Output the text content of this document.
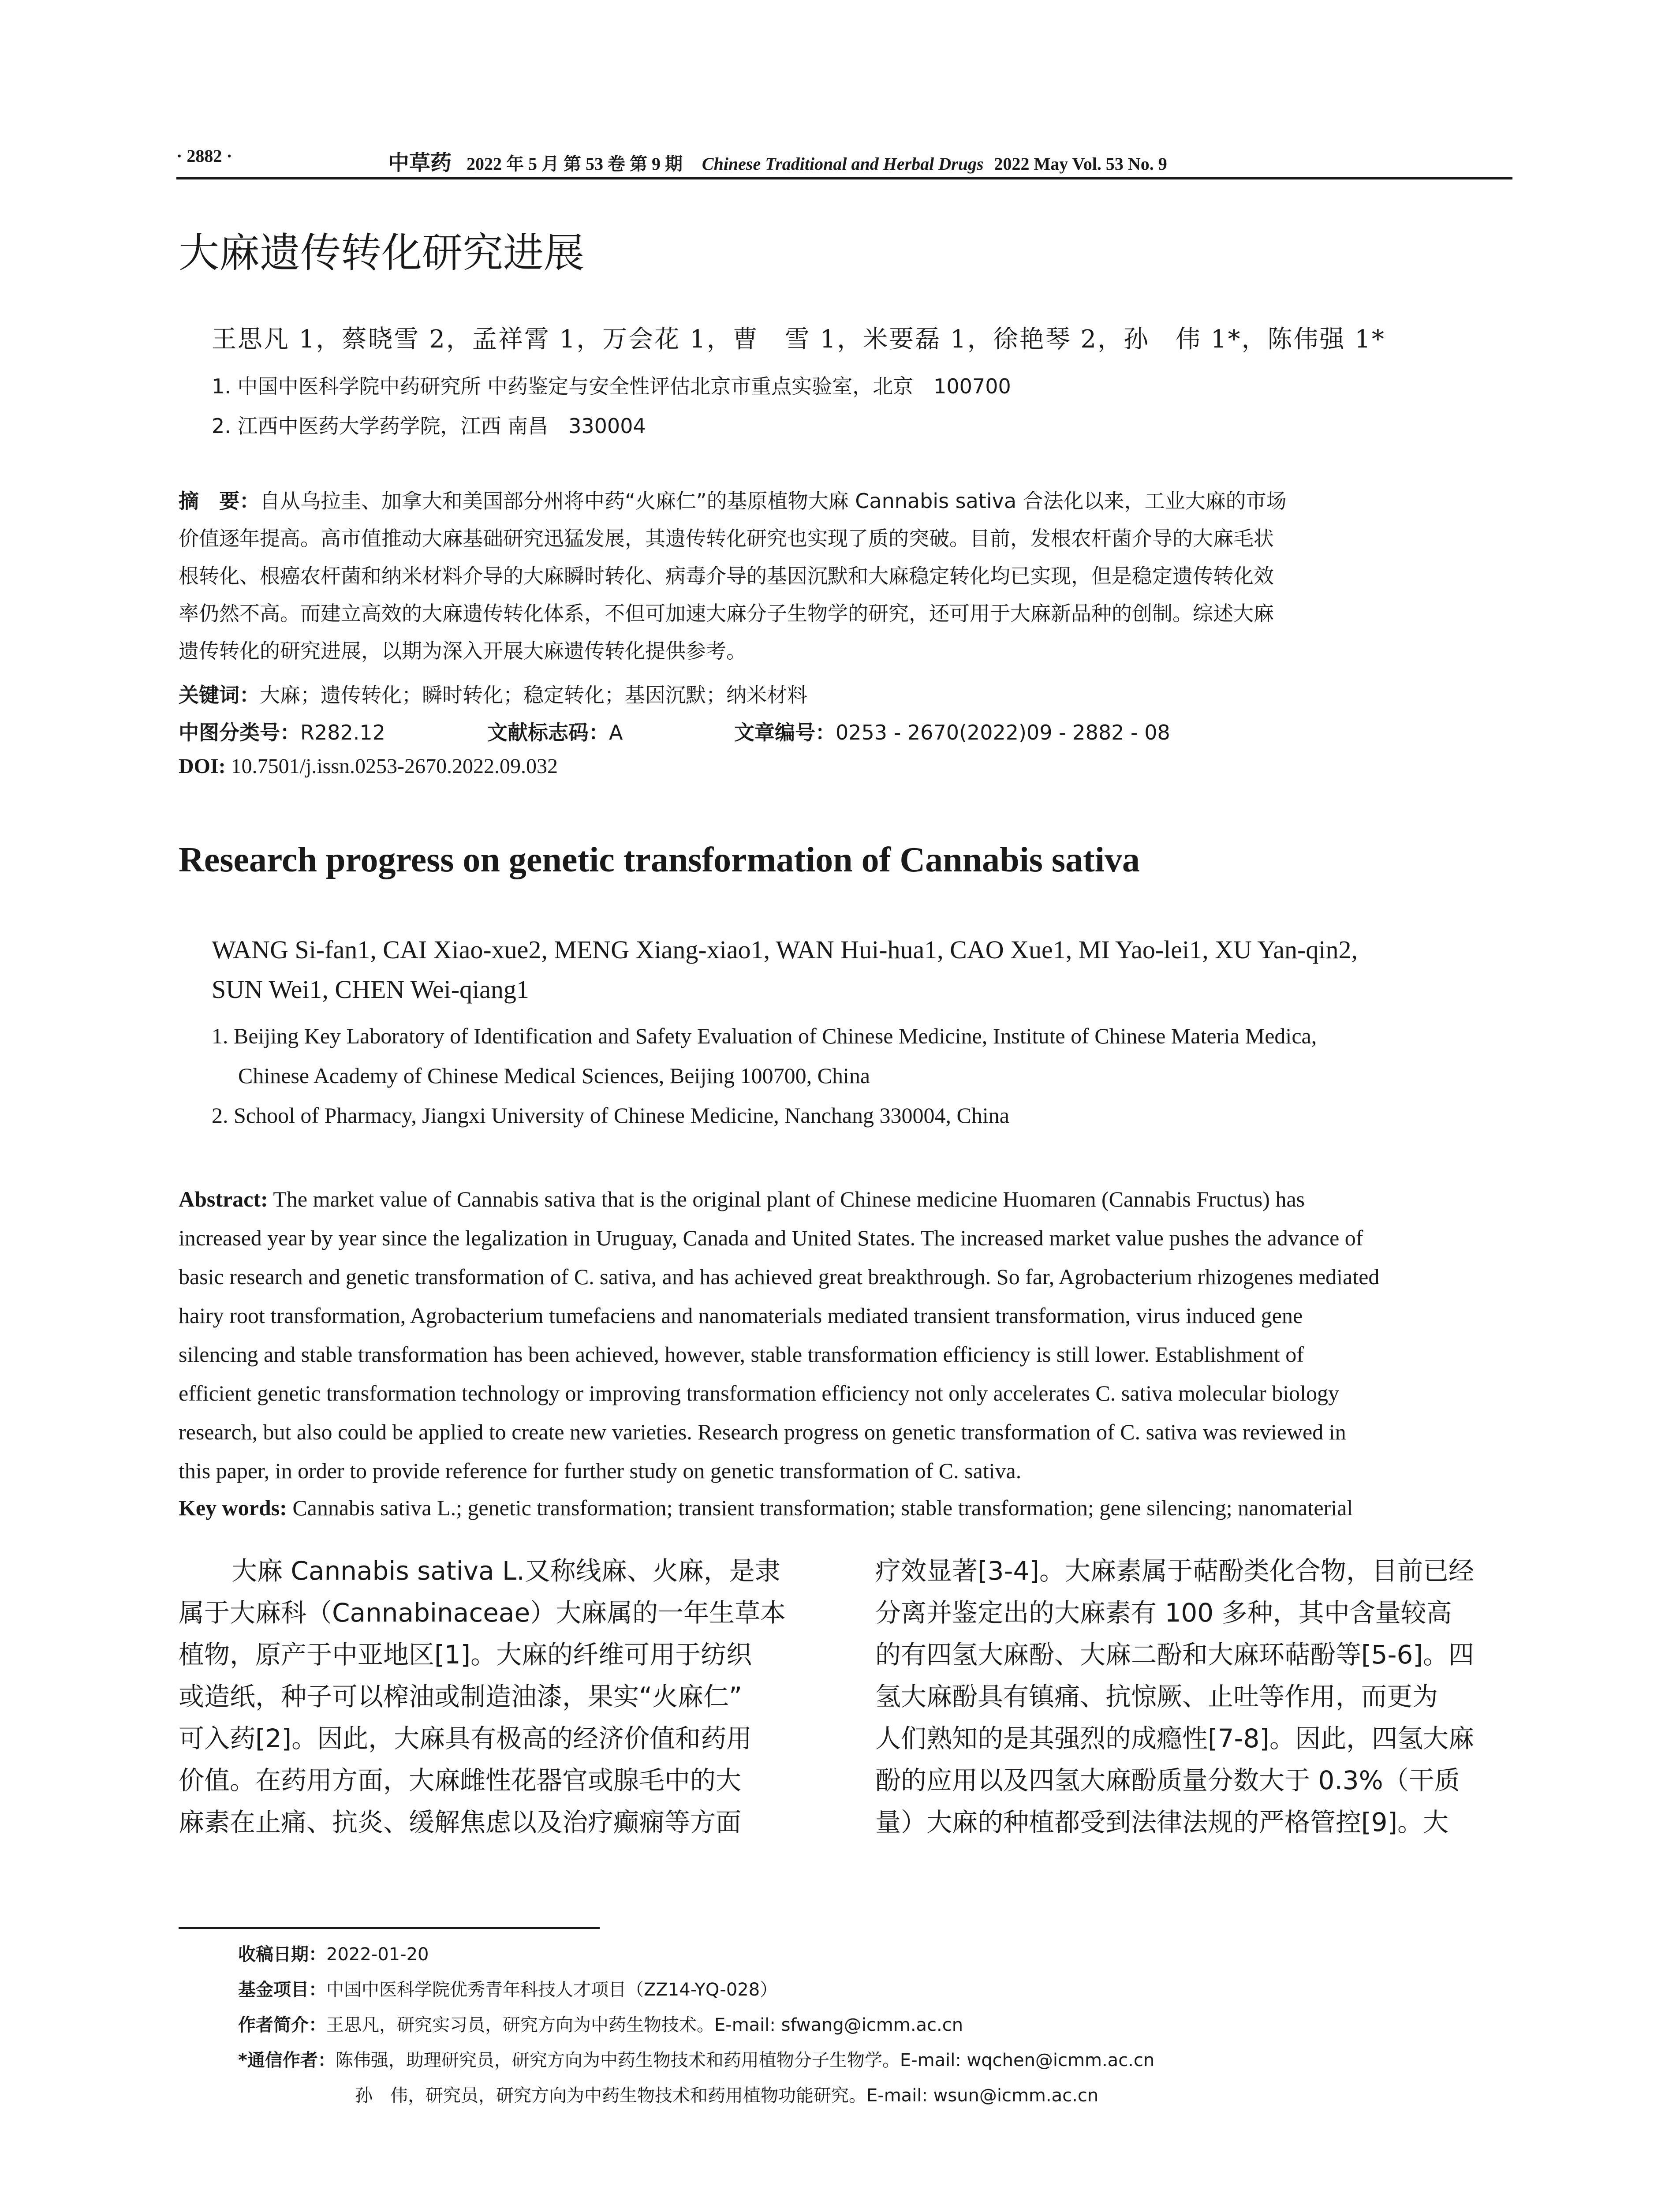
· 2882 ·	中草药 2022 年 5 月 第 53 卷 第 9 期 Chinese Traditional and Herbal Drugs 2022 May Vol. 53 No. 9
大麻遗传转化研究进展
王思凡 1，蔡晓雪 2，孟祥霄 1，万会花 1，曹　雪 1，米要磊 1，徐艳琴 2，孙　伟 1*，陈伟强 1*
1. 中国中医科学院中药研究所 中药鉴定与安全性评估北京市重点实验室，北京　100700
2. 江西中医药大学药学院，江西 南昌　330004
摘　要：自从乌拉圭、加拿大和美国部分州将中药“火麻仁”的基原植物大麻 Cannabis sativa 合法化以来，工业大麻的市场
价值逐年提高。高市值推动大麻基础研究迅猛发展，其遗传转化研究也实现了质的突破。目前，发根农杆菌介导的大麻毛状
根转化、根癌农杆菌和纳米材料介导的大麻瞬时转化、病毒介导的基因沉默和大麻稳定转化均已实现，但是稳定遗传转化效
率仍然不高。而建立高效的大麻遗传转化体系，不但可加速大麻分子生物学的研究，还可用于大麻新品种的创制。综述大麻
遗传转化的研究进展，以期为深入开展大麻遗传转化提供参考。
关键词：大麻；遗传转化；瞬时转化；稳定转化；基因沉默；纳米材料
中图分类号：R282.12	文献标志码：A	文章编号：0253 - 2670(2022)09 - 2882 - 08
DOI: 10.7501/j.issn.0253-2670.2022.09.032
Research progress on genetic transformation of Cannabis sativa
WANG Si-fan1, CAI Xiao-xue2, MENG Xiang-xiao1, WAN Hui-hua1, CAO Xue1, MI Yao-lei1, XU Yan-qin2,
SUN Wei1, CHEN Wei-qiang1
1. Beijing Key Laboratory of Identification and Safety Evaluation of Chinese Medicine, Institute of Chinese Materia Medica,
Chinese Academy of Chinese Medical Sciences, Beijing 100700, China
2. School of Pharmacy, Jiangxi University of Chinese Medicine, Nanchang 330004, China
Abstract: The market value of Cannabis sativa that is the original plant of Chinese medicine Huomaren (Cannabis Fructus) has
increased year by year since the legalization in Uruguay, Canada and United States. The increased market value pushes the advance of
basic research and genetic transformation of C. sativa, and has achieved great breakthrough. So far, Agrobacterium rhizogenes mediated
hairy root transformation, Agrobacterium tumefaciens and nanomaterials mediated transient transformation, virus induced gene
silencing and stable transformation has been achieved, however, stable transformation efficiency is still lower. Establishment of
efficient genetic transformation technology or improving transformation efficiency not only accelerates C. sativa molecular biology
research, but also could be applied to create new varieties. Research progress on genetic transformation of C. sativa was reviewed in
this paper, in order to provide reference for further study on genetic transformation of C. sativa.
Key words: Cannabis sativa L.; genetic transformation; transient transformation; stable transformation; gene silencing; nanomaterial
大麻 Cannabis sativa L.又称线麻、火麻，是隶
属于大麻科（Cannabinaceae）大麻属的一年生草本
植物，原产于中亚地区[1]。大麻的纤维可用于纺织
或造纸，种子可以榨油或制造油漆，果实“火麻仁”
可入药[2]。因此，大麻具有极高的经济价值和药用
价值。在药用方面，大麻雌性花器官或腺毛中的大
麻素在止痛、抗炎、缓解焦虑以及治疗癫痫等方面
疗效显著[3-4]。大麻素属于萜酚类化合物，目前已经
分离并鉴定出的大麻素有 100 多种，其中含量较高
的有四氢大麻酚、大麻二酚和大麻环萜酚等[5-6]。四
氢大麻酚具有镇痛、抗惊厥、止吐等作用，而更为
人们熟知的是其强烈的成瘾性[7-8]。因此，四氢大麻
酚的应用以及四氢大麻酚质量分数大于 0.3%（干质
量）大麻的种植都受到法律法规的严格管控[9]。大
收稿日期：2022-01-20
基金项目：中国中医科学院优秀青年科技人才项目（ZZ14-YQ-028）
作者简介：王思凡，研究实习员，研究方向为中药生物技术。E-mail: sfwang@icmm.ac.cn
*通信作者：陈伟强，助理研究员，研究方向为中药生物技术和药用植物分子生物学。E-mail: wqchen@icmm.ac.cn
孙　伟，研究员，研究方向为中药生物技术和药用植物功能研究。E-mail: wsun@icmm.ac.cn
